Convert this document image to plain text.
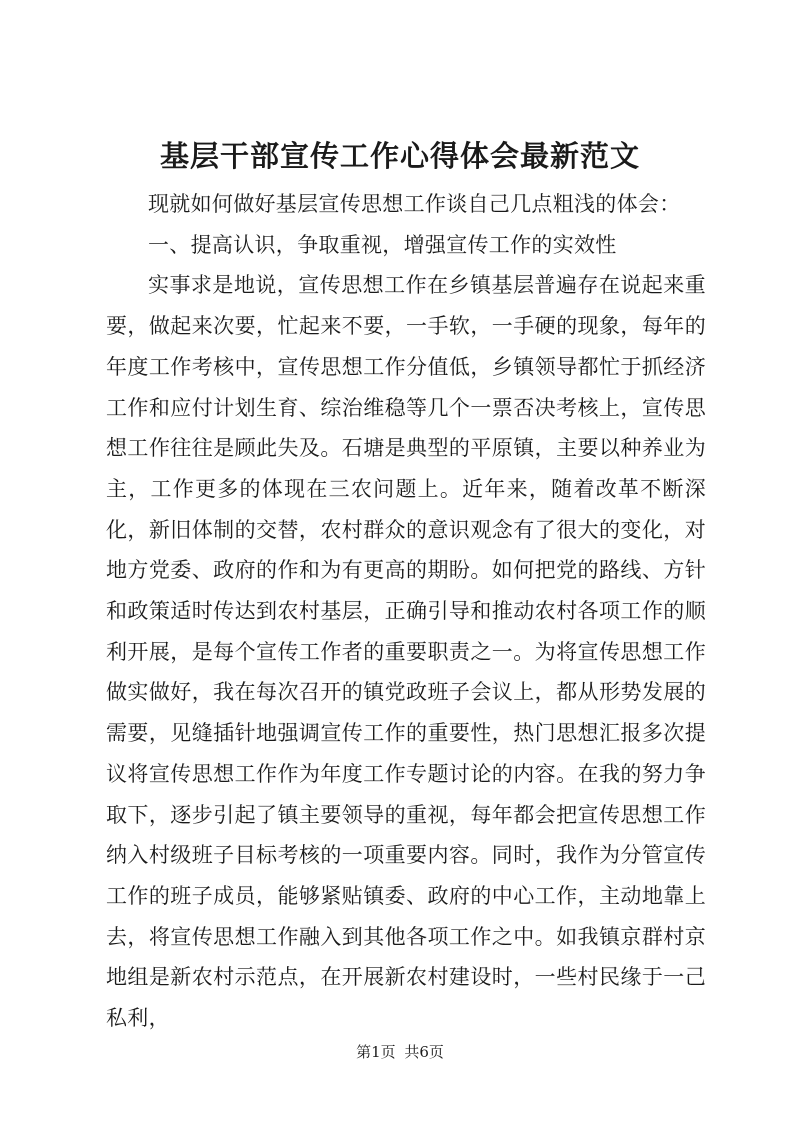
基层干部宣传工作心得体会最新范文

现就如何做好基层宣传思想工作谈自己几点粗浅的体会：

一、提高认识，争取重视，增强宣传工作的实效性

实事求是地说，宣传思想工作在乡镇基层普遍存在说起来重要，做起来次要，忙起来不要，一手软，一手硬的现象，每年的年度工作考核中，宣传思想工作分值低，乡镇领导都忙于抓经济工作和应付计划生育、综治维稳等几个一票否决考核上，宣传思想工作往往是顾此失及。石塘是典型的平原镇，主要以种养业为主，工作更多的体现在三农问题上。近年来，随着改革不断深化，新旧体制的交替，农村群众的意识观念有了很大的变化，对地方党委、政府的作和为有更高的期盼。如何把党的路线、方针和政策适时传达到农村基层，正确引导和推动农村各项工作的顺利开展，是每个宣传工作者的重要职责之一。为将宣传思想工作做实做好，我在每次召开的镇党政班子会议上，都从形势发展的需要，见缝插针地强调宣传工作的重要性，热门思想汇报多次提议将宣传思想工作作为年度工作专题讨论的内容。在我的努力争取下，逐步引起了镇主要领导的重视，每年都会把宣传思想工作纳入村级班子目标考核的一项重要内容。同时，我作为分管宣传工作的班子成员，能够紧贴镇委、政府的中心工作，主动地靠上去，将宣传思想工作融入到其他各项工作之中。如我镇京群村京地组是新农村示范点，在开展新农村建设时，一些村民缘于一己私利，

第1页 共6页
